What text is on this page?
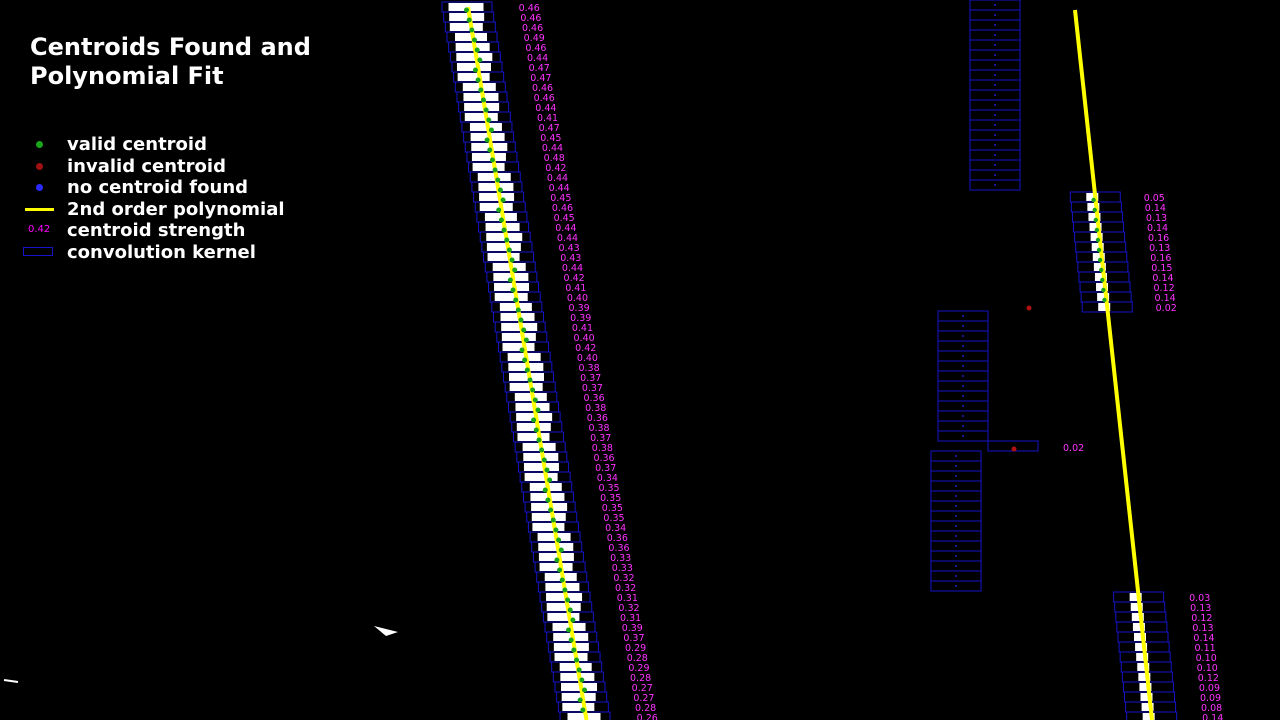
0.46
0.46
0.46
0.49
0.46
0.44
0.47
0.47
0.46
0.46
0.44
0.41
0.47
0.45
0.44
0.48
0.42
0.44
0.44
0.45
0.46
0.45
0.44
0.44
0.43
0.43
0.44
0.42
0.41
0.40
0.39
0.39
0.41
0.40
0.42
0.40
0.38
0.37
0.37
0.36
0.38
0.36
0.38
0.37
0.38
0.36
0.37
0.34
0.35
0.35
0.35
0.35
0.34
0.36
0.36
0.33
0.33
0.32
0.32
0.31
0.32
0.31
0.39
0.37
0.29
0.28
0.29
0.28
0.27
0.27
0.28
0.26
0.05
0.14
0.13
0.14
0.16
0.13
0.16
0.15
0.14
0.12
0.14
0.02
0.02
0.03
0.13
0.12
0.13
0.14
0.11
0.10
0.10
0.12
0.09
0.09
0.08
0.14
Centroids Found and Polynomial Fit
valid centroid
invalid centroid
no centroid found
2nd order polynomial
0.42 centroid strength
convolution kernel
